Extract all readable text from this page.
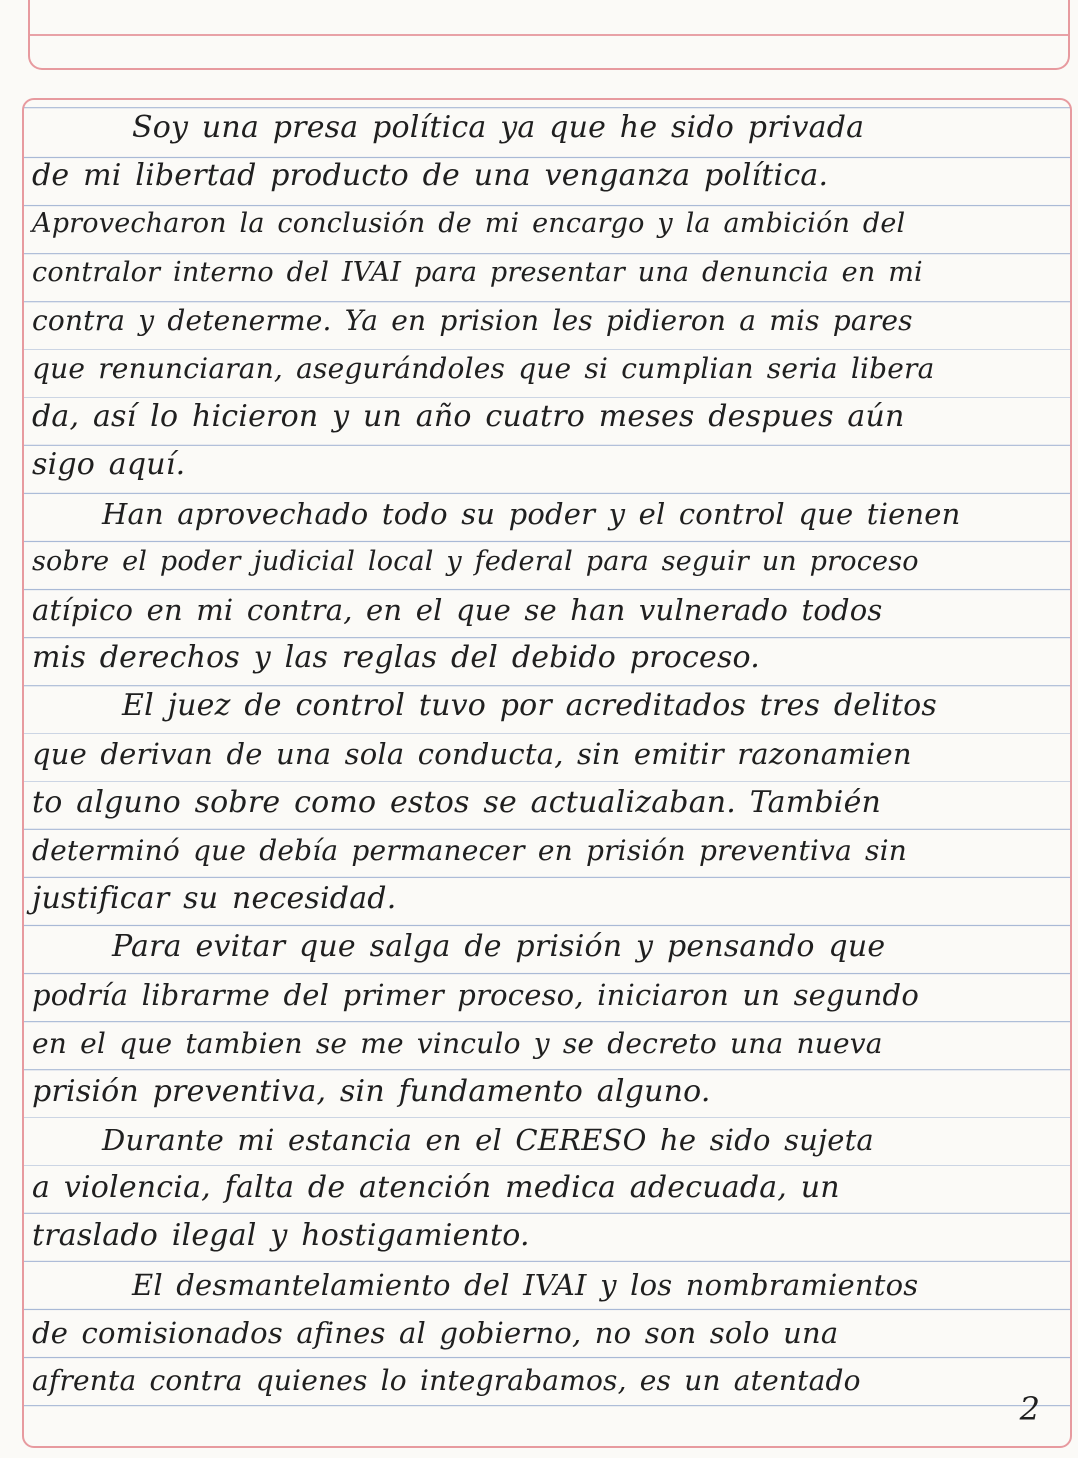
Soy una presa política ya que he sido privada
de mi libertad producto de una venganza política.
Aprovecharon la conclusión de mi encargo y la ambición del
contralor interno del IVAI para presentar una denuncia en mi
contra y detenerme. Ya en prision les pidieron a mis pares
que renunciaran, asegurándoles que si cumplian seria libera
da, así lo hicieron y un año cuatro meses despues aún
sigo aquí.
Han aprovechado todo su poder y el control que tienen
sobre el poder judicial local y federal para seguir un proceso
atípico en mi contra, en el que se han vulnerado todos
mis derechos y las reglas del debido proceso.
El juez de control tuvo por acreditados tres delitos
que derivan de una sola conducta, sin emitir razonamien
to alguno sobre como estos se actualizaban. También
determinó que debía permanecer en prisión preventiva sin
justificar su necesidad.
Para evitar que salga de prisión y pensando que
podría librarme del primer proceso, iniciaron un segundo
en el que tambien se me vinculo y se decreto una nueva
prisión preventiva, sin fundamento alguno.
Durante mi estancia en el CERESO he sido sujeta
a violencia, falta de atención medica adecuada, un
traslado ilegal y hostigamiento.
El desmantelamiento del IVAI y los nombramientos
de comisionados afines al gobierno, no son solo una
afrenta contra quienes lo integrabamos, es un atentado
2
